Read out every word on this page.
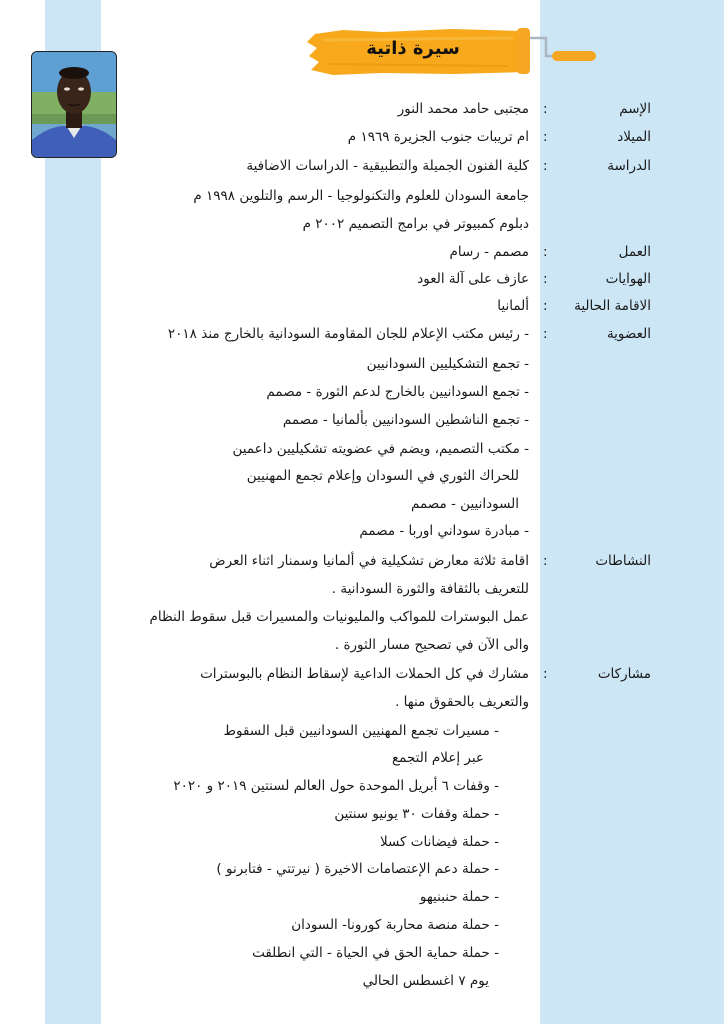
سيرة ذاتية
الإسم
:
مجتبى حامد محمد النور
الميلاد
:
ام تريبات جنوب الجزيرة ١٩٦٩ م
الدراسة
:
كلية الفنون الجميلة والتطبيقية - الدراسات الاضافية
جامعة السودان للعلوم والتكنولوجيا - الرسم والتلوين ١٩٩٨ م
دبلوم كمبيوتر في برامج التصميم ٢٠٠٢ م
العمل
:
مصمم - رسام
الهوايات
:
عازف على آلة العود
الاقامة الحالية
:
ألمانيا
العضوية
:
- رئيس مكتب الإعلام للجان المقاومة السودانية بالخارج منذ ٢٠١٨
- تجمع التشكيليين السودانيين
- تجمع السودانيين بالخارج لدعم الثورة - مصمم
- تجمع الناشطين السودانيين بألمانيا - مصمم
- مكتب التصميم، ويضم في عضويته تشكيليين داعمين
للحراك الثوري في السودان وإعلام تجمع المهنيين
السودانيين - مصمم
- مبادرة سوداني اوربا - مصمم
النشاطات
:
اقامة ثلاثة معارض تشكيلية في ألمانيا وسمنار اثناء العرض
للتعريف بالثقافة والثورة السودانية .
عمل البوسترات للمواكب والمليونيات والمسيرات قبل سقوط النظام
والى الآن في تصحيح مسار الثورة .
مشاركات
:
مشارك في كل الحملات الداعية لإسقاط النظام بالبوسترات
والتعريف بالحقوق منها .
- مسيرات تجمع المهنيين السودانيين قبل السقوط
عبر إعلام التجمع
- وقفات ٦ أبريل الموحدة حول العالم لسنتين ٢٠١٩ و ٢٠٢٠
- حملة وقفات ٣٠ يونيو سنتين
- حملة فيضانات كسلا
- حملة دعم الإعتصامات الاخيرة ( نيرتتي - فتابرنو )
- حملة حنبنيهو
- حملة منصة محاربة كورونا- السودان
- حملة حماية الحق في الحياة - التي انطلقت
يوم ٧ اغسطس الحالي
